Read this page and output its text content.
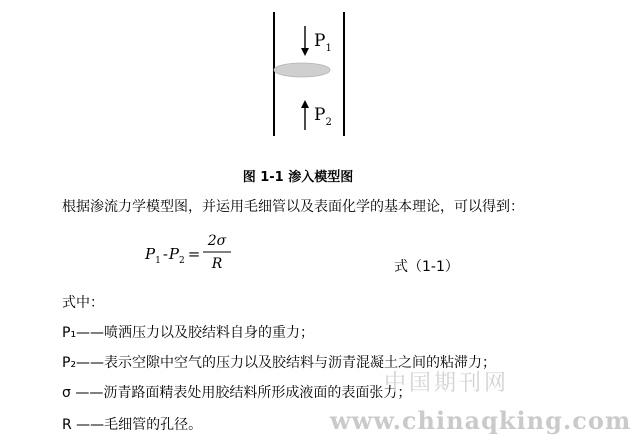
$P_1$
$P_2$
图 1-1 渗入模型图
根据渗流力学模型图，并运用毛细管以及表面化学的基本理论，可以得到：
$P_1$ $-P_2$ =
2σ
R	式（1-1）
式中：
P₁——喷洒压力以及胶结料自身的重力；
P₂——表示空隙中空气的压力以及胶结料与沥青混凝土之间的粘滞力；
σ ——沥青路面精表处用胶结料所形成液面的表面张力；
R ——毛细管的孔径。
中国期刊网
www.chinaqking.com
